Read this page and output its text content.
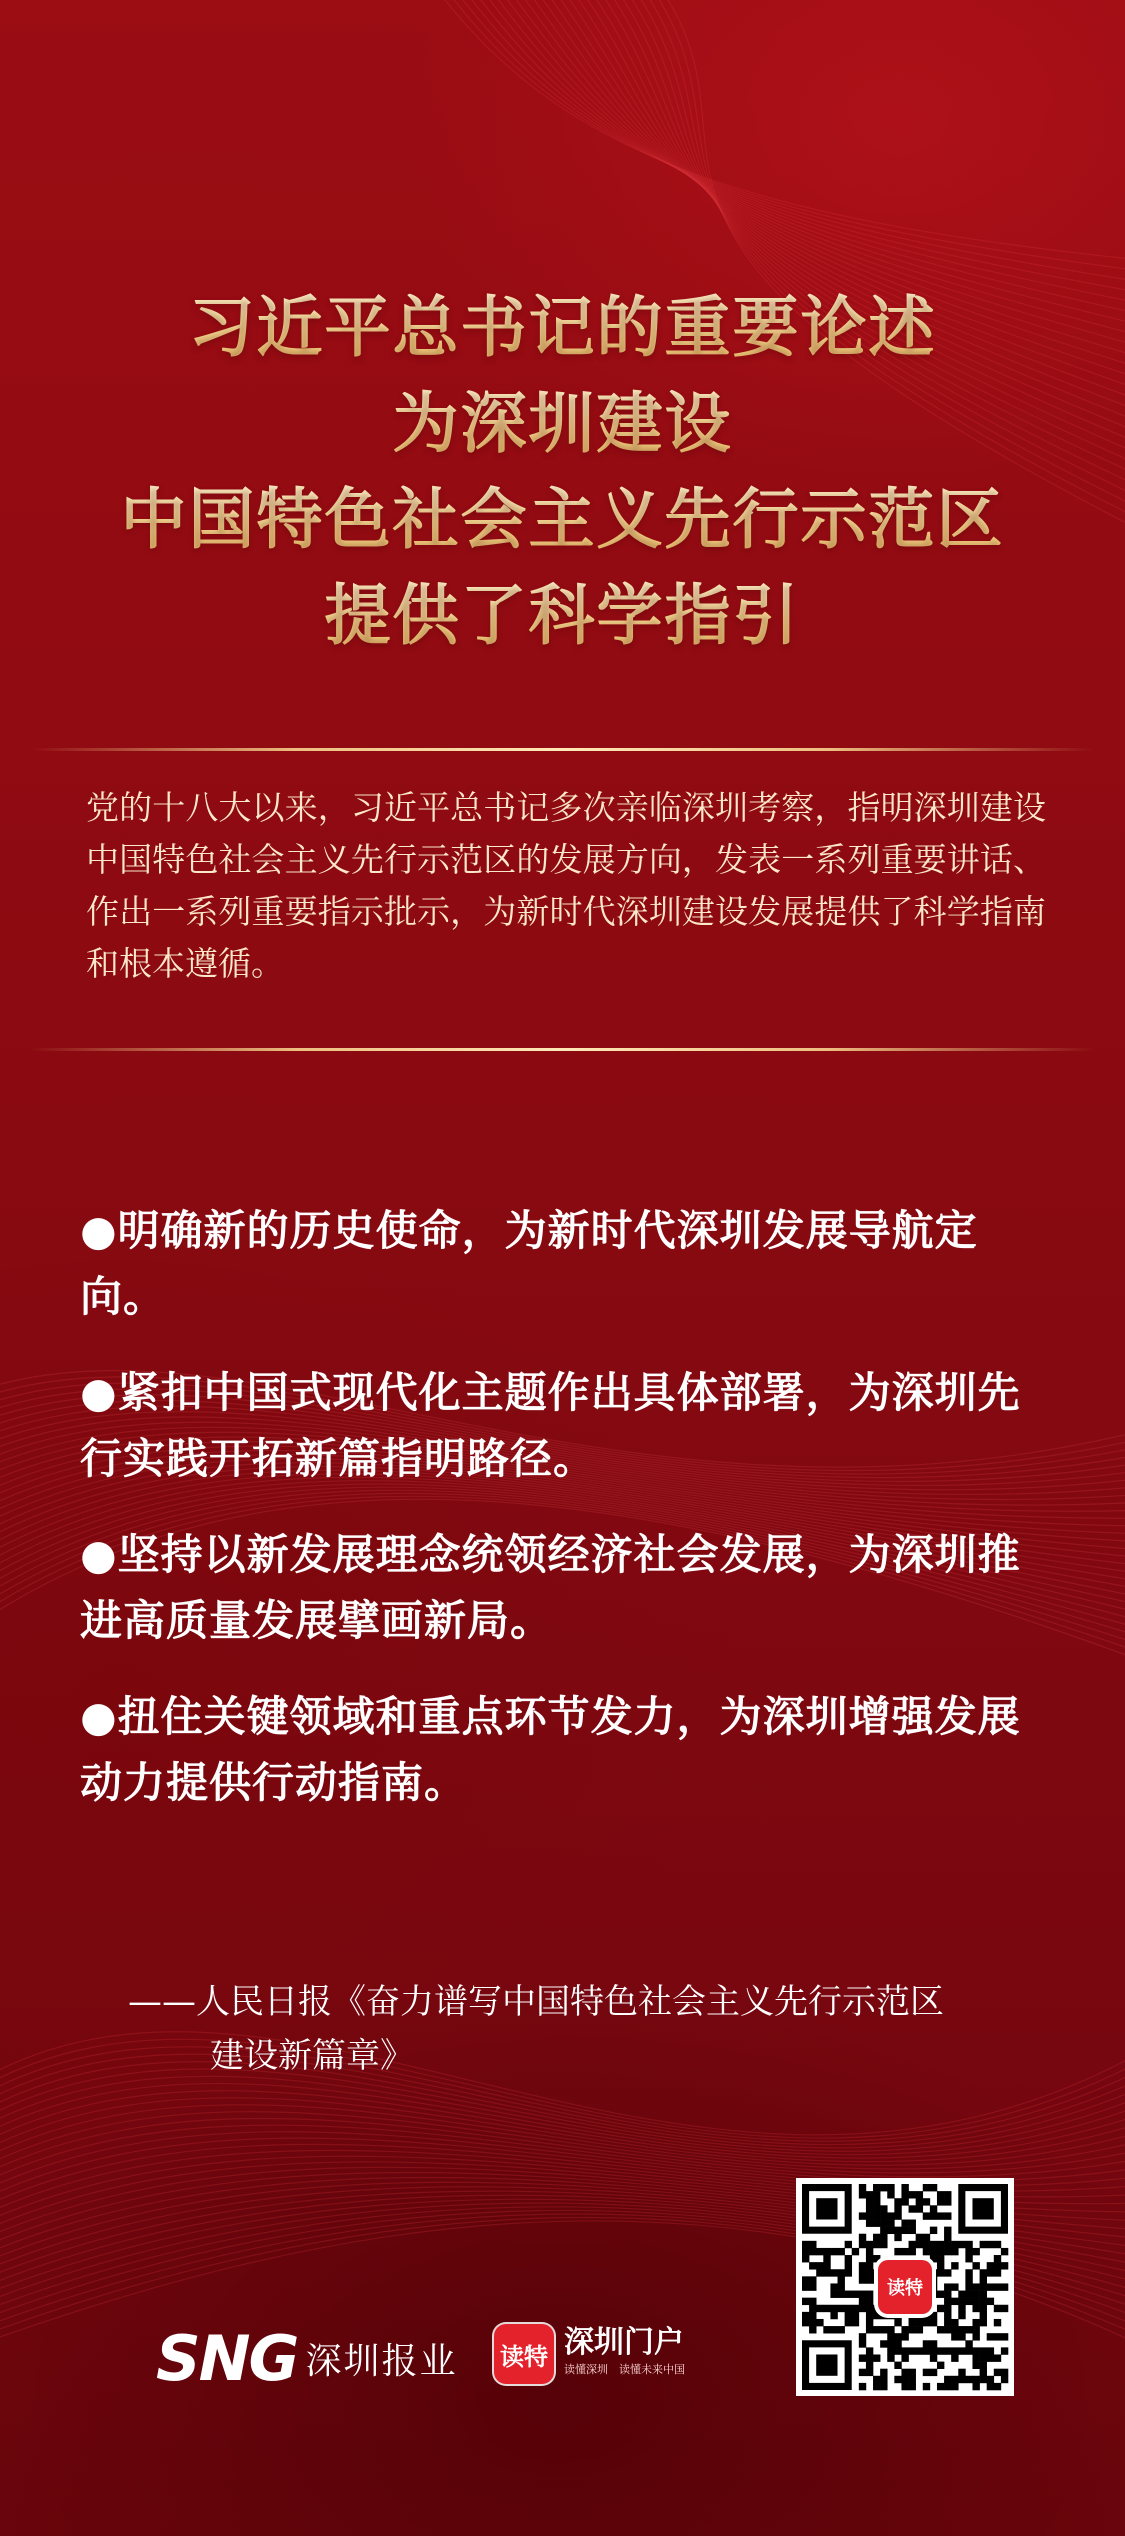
习近平总书记的重要论述
为深圳建设
中国特色社会主义先行示范区
提供了科学指引
党的十八大以来，习近平总书记多次亲临深圳考察，指明深圳建设中国特色社会主义先行示范区的发展方向，发表一系列重要讲话、作出一系列重要指示批示，为新时代深圳建设发展提供了科学指南和根本遵循。
●明确新的历史使命，为新时代深圳发展导航定向。
●紧扣中国式现代化主题作出具体部署，为深圳先行实践开拓新篇指明路径。
●坚持以新发展理念统领经济社会发展，为深圳推进高质量发展擘画新局。
●扭住关键领域和重点环节发力，为深圳增强发展动力提供行动指南。
——人民日报《奋力谱写中国特色社会主义先行示范区
建设新篇章》
SNG 深圳报业 读特 深圳门户
读懂深圳　读懂未来中国
读特
